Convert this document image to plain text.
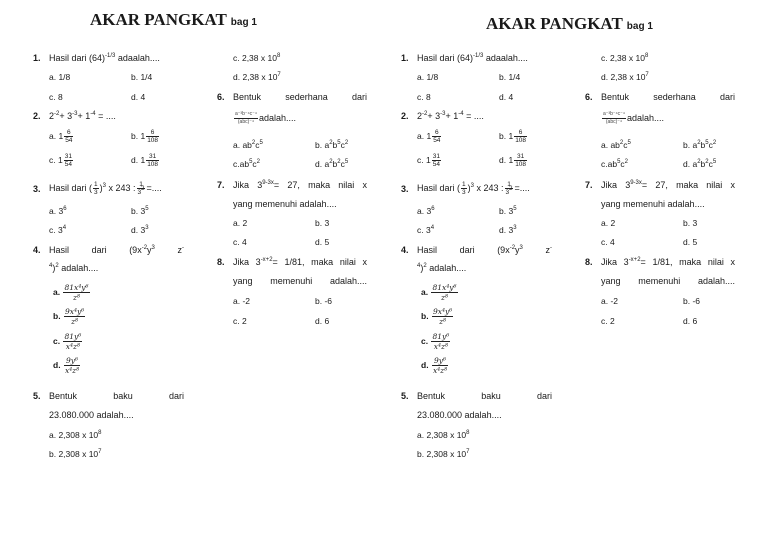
AKAR PANGKAT bag 1
1. Hasil dari $(64)^{-1/3}$ adaalah....
a. 1/8	b. 1/4
c. 8	d. 4
2. $2^{-2}+ 3^{-3}+ 1^{-4}$ = ....
a. $1 \frac{6}{54}$	b. $1 \frac{6}{108}$
c. $1 \frac{31}{54}$	d. $1 \frac{31}{108}$
3. Hasil dari ( $\frac{1}{3} )^3$ x 243 : $\frac{1}{3^2}$ =....
a. $3^6$	b. $3^5$
c. $3^4$	d. $3^3$
4. Hasil	dari	($9x^{-2}y^3$	z-
$^4$)$^2$ adalah....
a. $\frac{\text{81x⁴y⁶}}{\text{z⁸}}$
b. $\frac{\text{9x⁴y⁶}}{\text{z⁸}}$
c. $\frac{\text{81y⁶}}{\text{x⁴z⁸}}$
d. $\frac{\text{9y⁶}}{\text{x⁴z⁸}}$
5. Bentuk	baku	dari
23.080.000 adalah....
a. 2,308 x $10^8$
b. 2,308 x $10^7$
c. 2,38 x $10^8$
d. 2,38 x $10^7$
6. Bentuk	sederhana	dari
$\frac{\text{a⁻³b⁻⁴c⁻⁴}}{\text{(abc)⁻⁴}}$ adalah....
a. $ab^2c^5$	b. $a^2b^5c^2$
$c.ab^5c^2$	d. $a^2b^2c^5$
7. Jika $3^{9-3x}= 27$, maka nilai x
yang memenuhi adalah....
a. 2	b. 3
c. 4	d. 5
8. Jika $3^{-x+2}= 1/81$, maka nilai x
yang memenuhi adalah....
a. -2	b. -6
c. 2	d. 6
AKAR PANGKAT bag 1
1. Hasil dari $(64)^{-1/3}$ adaalah....
a. 1/8	b. 1/4
c. 8	d. 4
2. $2^{-2}+ 3^{-3}+ 1^{-4}$ = ....
a. $1 \frac{6}{54}$	b. $1 \frac{6}{108}$
c. $1 \frac{31}{54}$	d. $1 \frac{31}{108}$
3. Hasil dari ( $\frac{1}{3} )^3$ x 243 : $\frac{1}{3^2}$ =....
a. $3^6$	b. $3^5$
c. $3^4$	d. $3^3$
4. Hasil	dari	($9x^{-2}y^3$	z-
$^4$)$^2$ adalah....
a. $\frac{\text{81x⁴y⁶}}{\text{z⁸}}$
b. $\frac{\text{9x⁴y⁶}}{\text{z⁸}}$
c. $\frac{\text{81y⁶}}{\text{x⁴z⁸}}$
d. $\frac{\text{9y⁶}}{\text{x⁴z⁸}}$
5. Bentuk	baku	dari
23.080.000 adalah....
a. 2,308 x $10^8$
b. 2,308 x $10^7$
c. 2,38 x $10^8$
d. 2,38 x $10^7$
6. Bentuk	sederhana	dari
$\frac{\text{a⁻³b⁻⁴c⁻⁴}}{\text{(abc)⁻⁴}}$ adalah....
a. $ab^2c^5$	b. $a^2b^5c^2$
$c.ab^5c^2$	d. $a^2b^2c^5$
7. Jika $3^{9-3x}= 27$, maka nilai x
yang memenuhi adalah....
a. 2	b. 3
c. 4	d. 5
8. Jika $3^{-x+2}= 1/81$, maka nilai x
yang memenuhi adalah....
a. -2	b. -6
c. 2	d. 6
